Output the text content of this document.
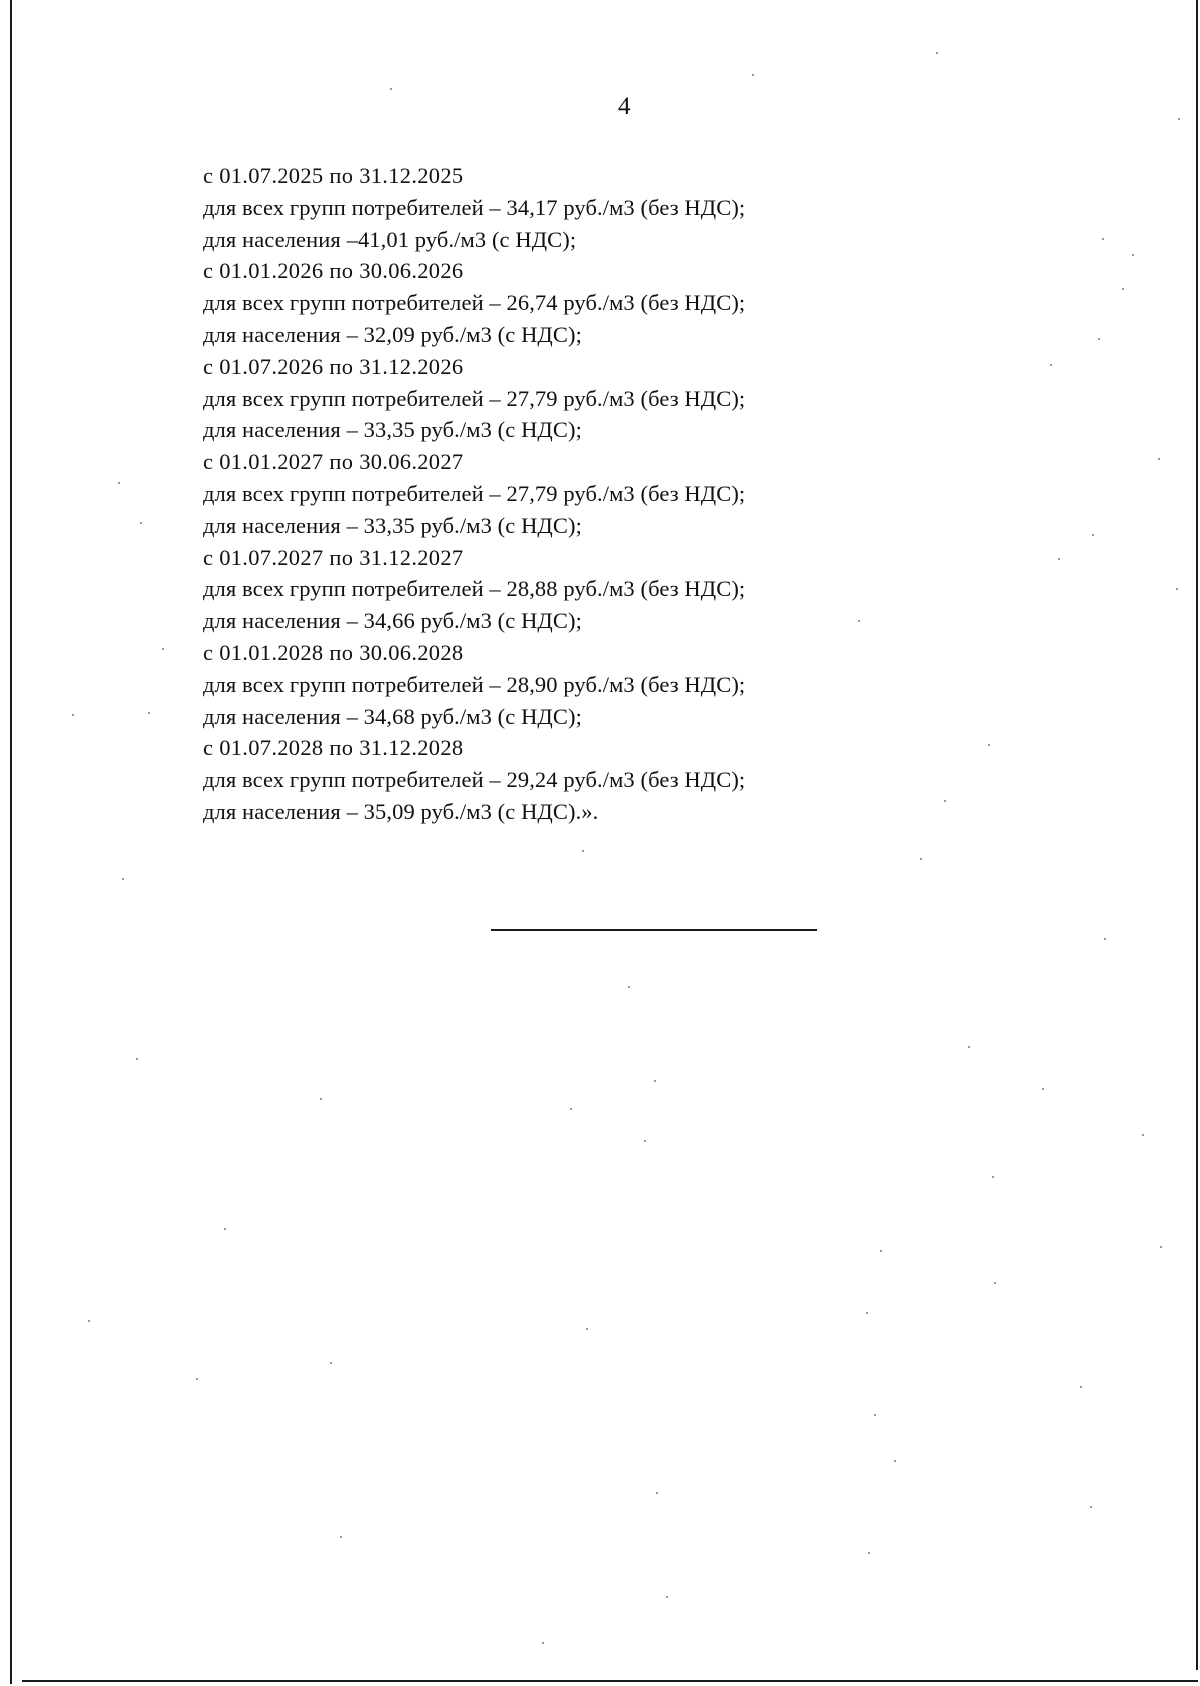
4
с 01.07.2025 по 31.12.2025
для всех групп потребителей – 34,17 руб./м3 (без НДС);
для населения –41,01 руб./м3 (с НДС);
с 01.01.2026 по 30.06.2026
для всех групп потребителей – 26,74 руб./м3 (без НДС);
для населения – 32,09 руб./м3 (с НДС);
с 01.07.2026 по 31.12.2026
для всех групп потребителей – 27,79 руб./м3 (без НДС);
для населения – 33,35 руб./м3 (с НДС);
с 01.01.2027 по 30.06.2027
для всех групп потребителей – 27,79 руб./м3 (без НДС);
для населения – 33,35 руб./м3 (с НДС);
с 01.07.2027 по 31.12.2027
для всех групп потребителей – 28,88 руб./м3 (без НДС);
для населения – 34,66 руб./м3 (с НДС);
с 01.01.2028 по 30.06.2028
для всех групп потребителей – 28,90 руб./м3 (без НДС);
для населения – 34,68 руб./м3 (с НДС);
с 01.07.2028 по 31.12.2028
для всех групп потребителей – 29,24 руб./м3 (без НДС);
для населения – 35,09 руб./м3 (с НДС).».
